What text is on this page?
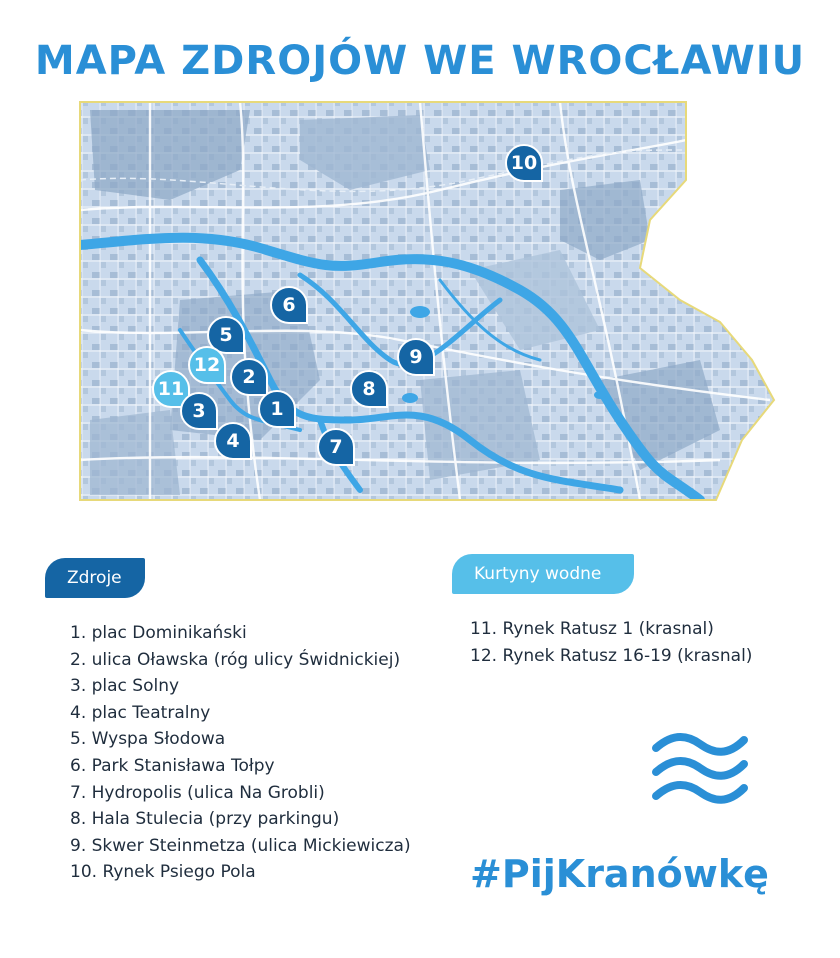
MAPA ZDROJÓW WE WROCŁAWIU
10
6
5
12
2
11
3	1
4
9
8
7
Zdroje	Kurtyny wodne
1. plac Dominikański
2. ulica Oławska (róg ulicy Świdnickiej)
3. plac Solny
4. plac Teatralny
5. Wyspa Słodowa
6. Park Stanisława Tołpy
7. Hydropolis (ulica Na Grobli)
8. Hala Stulecia (przy parkingu)
9. Skwer Steinmetza (ulica Mickiewicza)
10. Rynek Psiego Pola
11. Rynek Ratusz 1 (krasnal)
12. Rynek Ratusz 16-19 (krasnal)
#PijKranówkę
